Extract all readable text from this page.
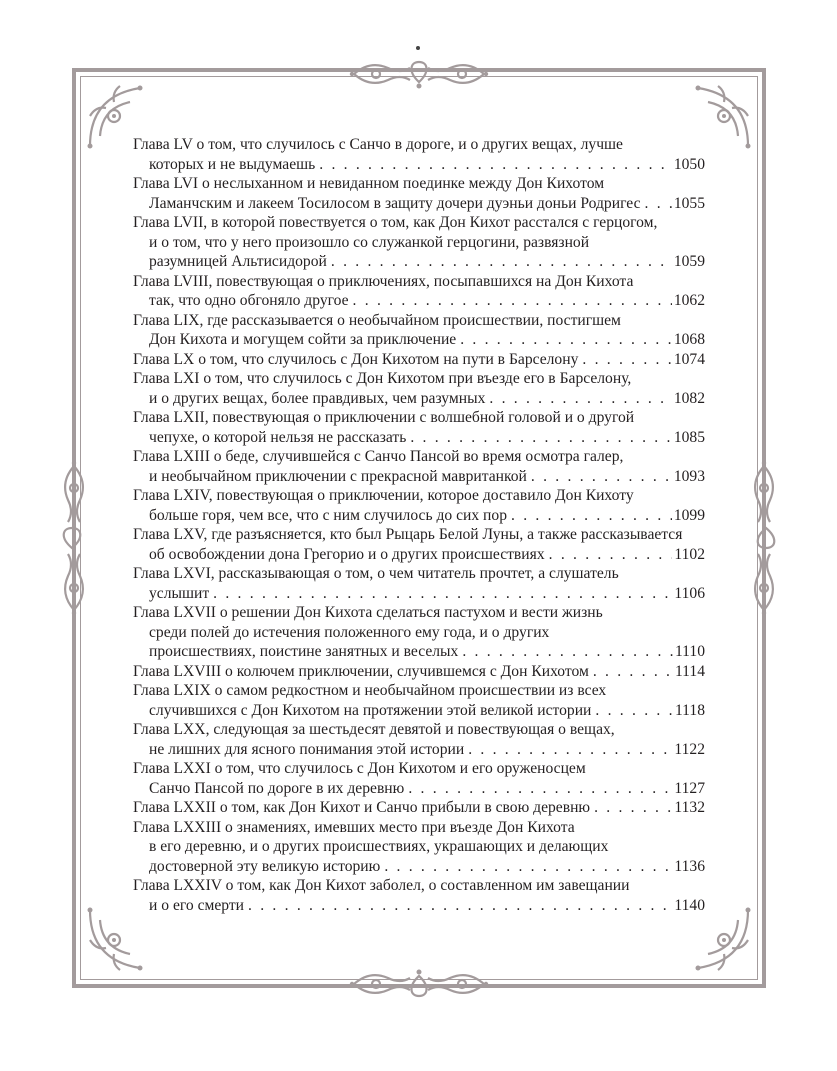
Глава LV о том, что случилось с Санчо в дороге, и о других вещах, лучше
которых и не выдумаешь . . .	1050
Глава LVI о неслыханном и невиданном поединке между Дон Кихотом
Ламанчским и лакеем Тосилосом в защиту дочери дуэньи доньи Родригес . . . 1055
Глава LVII, в которой повествуется о том, как Дон Кихот расстался с герцогом,
и о том, что у него произошло со служанкой герцогини, развязной
разумницей Альтисидорой . . .	1059
Глава LVIII, повествующая о приключениях, посыпавшихся на Дон Кихота
так, что одно обгоняло другое . . .	1062
Глава LIX, где рассказывается о необычайном происшествии, постигшем
Дон Кихота и могущем сойти за приключение . . .	1068
Глава LX о том, что случилось с Дон Кихотом на пути в Барселону . . .	1074
Глава LXI о том, что случилось с Дон Кихотом при въезде его в Барселону,
и о других вещах, более правдивых, чем разумных . . .	1082
Глава LXII, повествующая о приключении с волшебной головой и о другой
чепухе, о которой нельзя не рассказать . . .	1085
Глава LXIII о беде, случившейся с Санчо Пансой во время осмотра галер,
и необычайном приключении с прекрасной мавританкой . . .	1093
Глава LXIV, повествующая о приключении, которое доставило Дон Кихоту
больше горя, чем все, что с ним случилось до сих пор . . .	1099
Глава LXV, где разъясняется, кто был Рыцарь Белой Луны, а также рассказывается
об освобождении дона Грегорио и о других происшествиях . . .	1102
Глава LXVI, рассказывающая о том, о чем читатель прочтет, а слушатель
услышит . . .	1106
Глава LXVII о решении Дон Кихота сделаться пастухом и вести жизнь
среди полей до истечения положенного ему года, и о других
происшествиях, поистине занятных и веселых . . .	1110
Глава LXVIII о колючем приключении, случившемся с Дон Кихотом . . .	1114
Глава LXIX о самом редкостном и необычайном происшествии из всех
случившихся с Дон Кихотом на протяжении этой великой истории . . .	1118
Глава LXX, следующая за шестьдесят девятой и повествующая о вещах,
не лишних для ясного понимания этой истории . . .	1122
Глава LXXI о том, что случилось с Дон Кихотом и его оруженосцем
Санчо Пансой по дороге в их деревню . . .	1127
Глава LXXII о том, как Дон Кихот и Санчо прибыли в свою деревню . . .	1132
Глава LXXIII о знамениях, имевших место при въезде Дон Кихота
в его деревню, и о других происшествиях, украшающих и делающих
достоверной эту великую историю . . .	1136
Глава LXXIV о том, как Дон Кихот заболел, о составленном им завещании
и о его смерти . . .	1140
